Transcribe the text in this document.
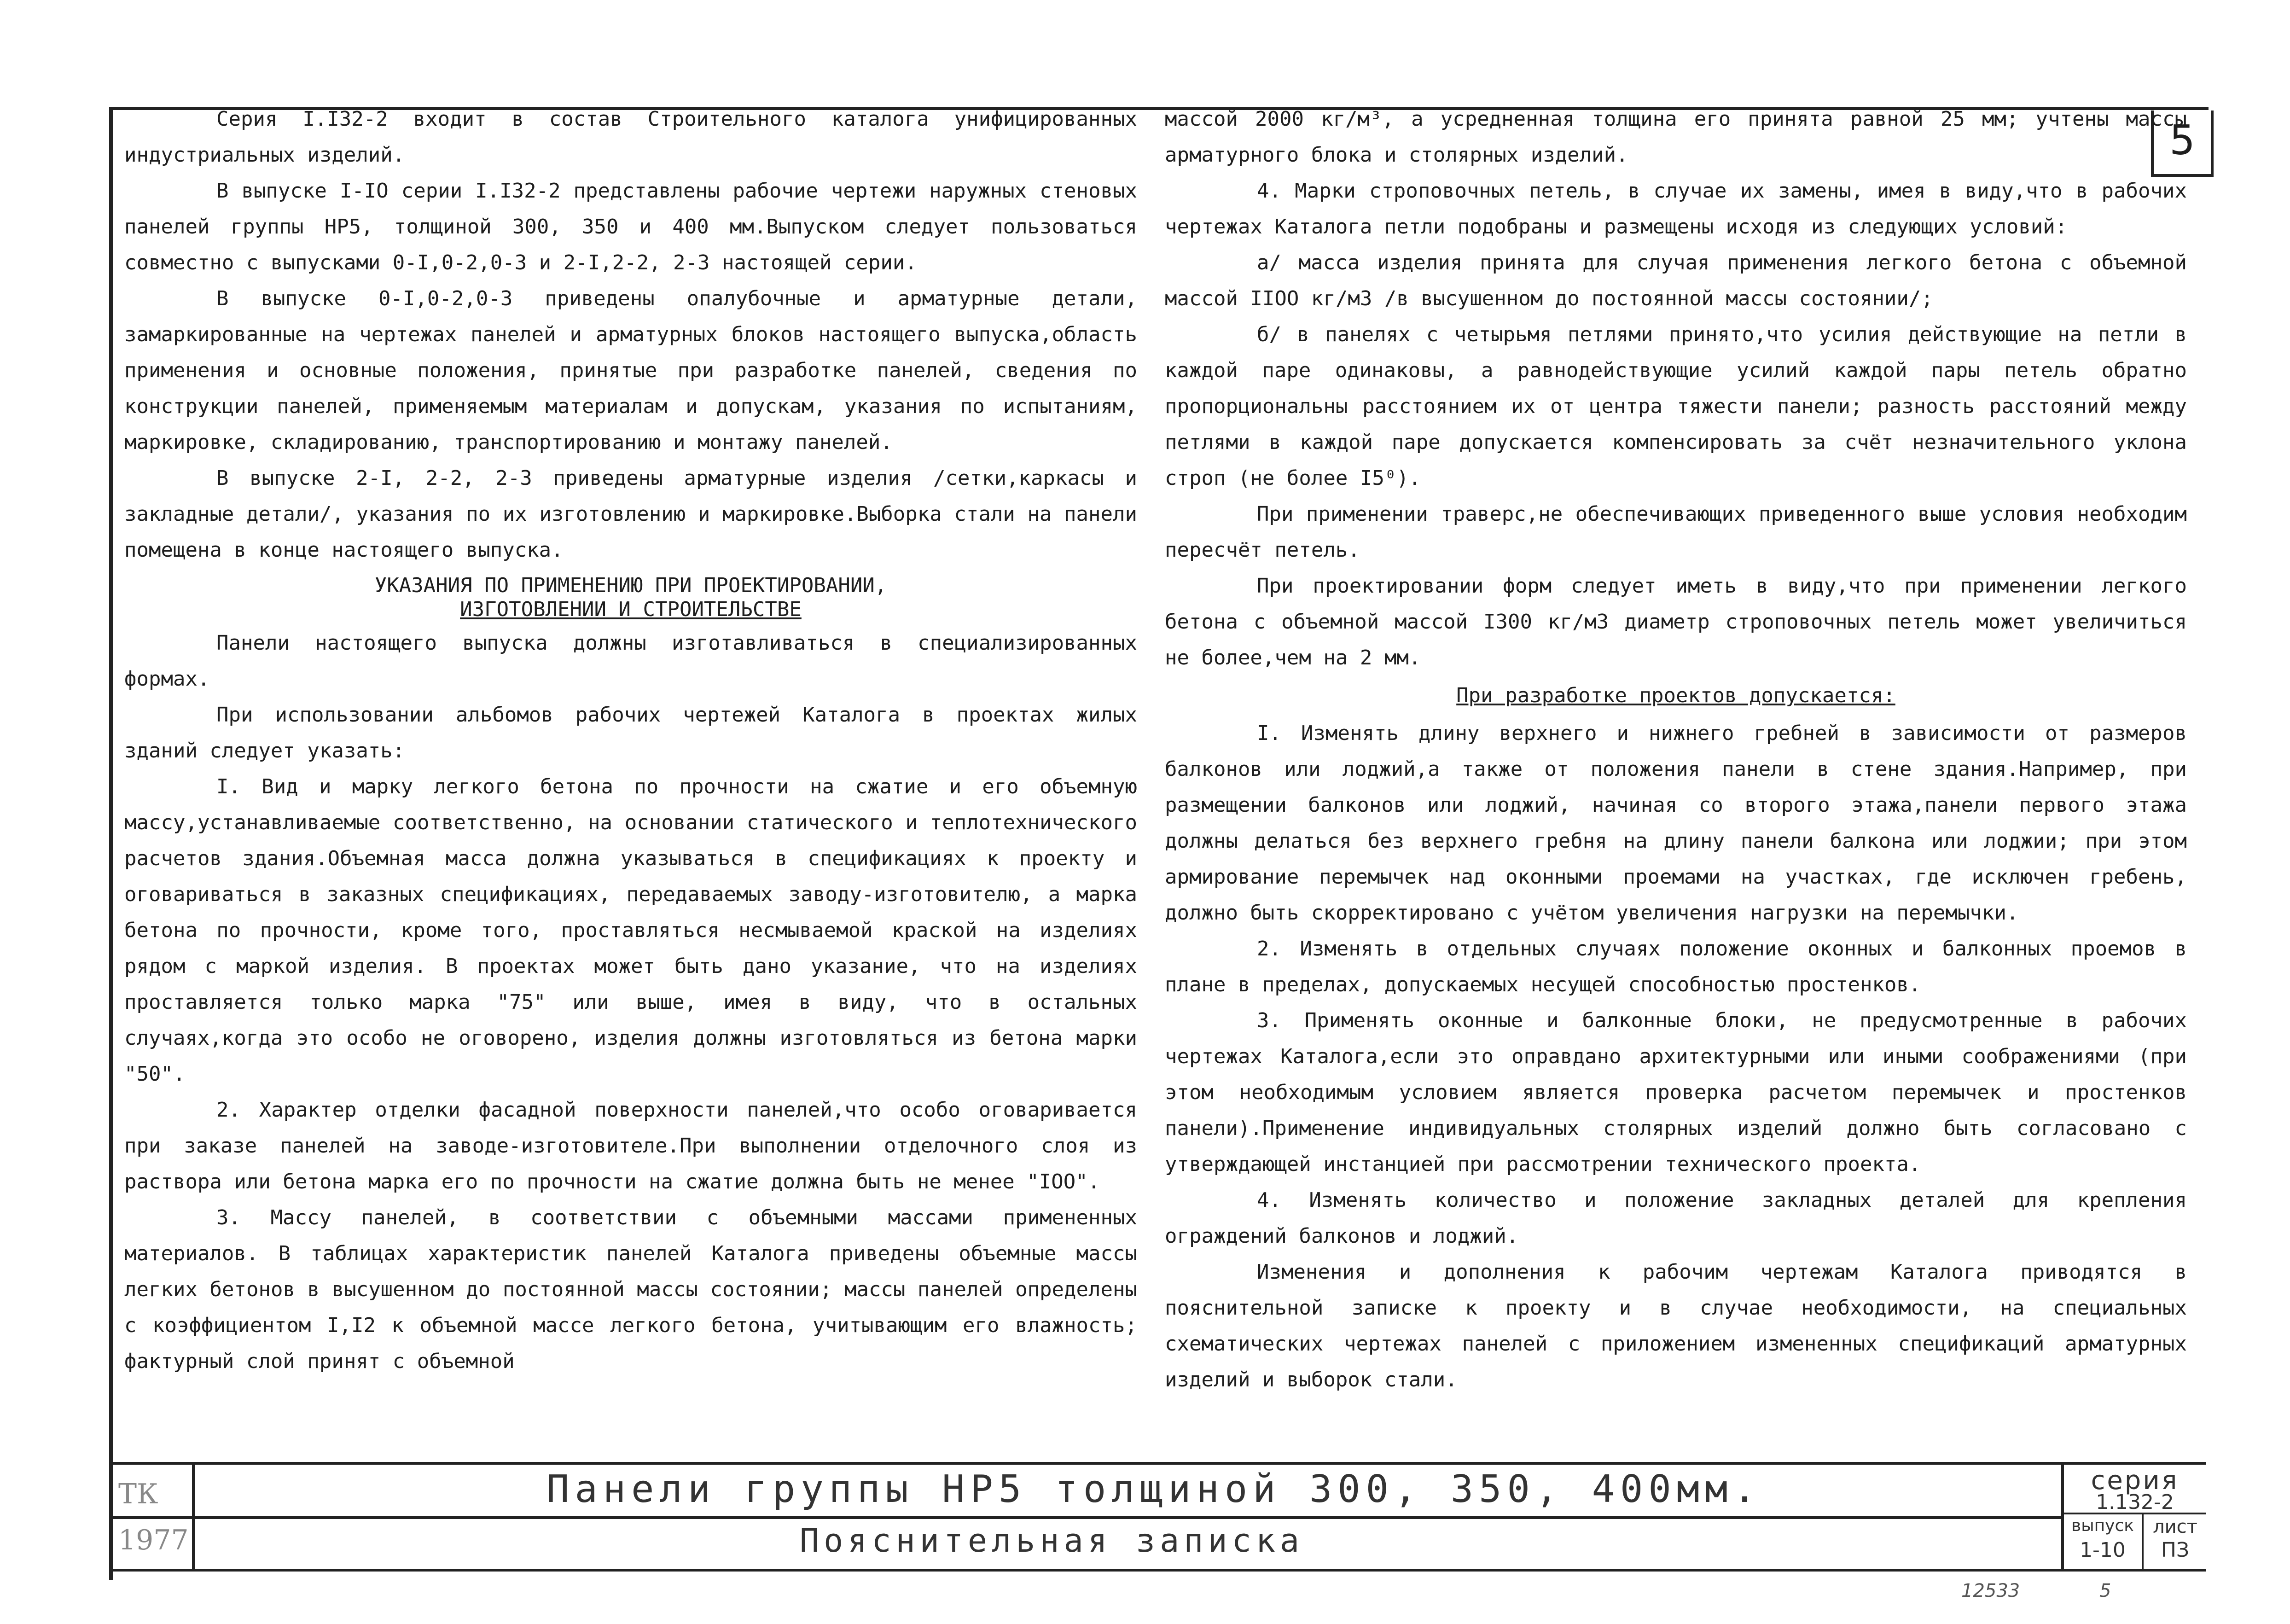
5

Серия I.I32-2 входит в состав Строительного каталога унифицированных индустриальных изделий.

В выпуске I-IO серии I.I32-2 представлены рабочие чертежи наружных стеновых панелей группы НР5, толщиной 300, 350 и 400 мм.Выпуском следует пользоваться совместно с выпусками 0-I,0-2,0-3 и 2-I,2-2, 2-3 настоящей серии.

В выпуске 0-I,0-2,0-3 приведены опалубочные и арматурные детали, замаркированные на чертежах панелей и арматурных блоков настоящего выпуска,область применения и основные положения, принятые при разработке панелей, сведения по конструкции панелей, применяемым материалам и допускам, указания по испытаниям, маркировке, складированию, транспортированию и монтажу панелей.

В выпуске 2-I, 2-2, 2-3 приведены арматурные изделия /сетки,каркасы и закладные детали/, указания по их изготовлению и маркировке.Выборка стали на панели помещена в конце настоящего выпуска.

УКАЗАНИЯ ПО ПРИМЕНЕНИЮ ПРИ ПРОЕКТИРОВАНИИ,
ИЗГОТОВЛЕНИИ И СТРОИТЕЛЬСТВЕ

Панели настоящего выпуска должны изготавливаться в специализированных формах.

При использовании альбомов рабочих чертежей Каталога в проектах жилых зданий следует указать:

I. Вид и марку легкого бетона по прочности на сжатие и его объемную массу,устанавливаемые соответственно, на основании статического и теплотехнического расчетов здания.Объемная масса должна указываться в спецификациях к проекту и оговариваться в заказных спецификациях, передаваемых заводу-изготовителю, а марка бетона по прочности, кроме того, проставляться несмываемой краской на изделиях рядом с маркой изделия. В проектах может быть дано указание, что на изделиях проставляется только марка "75" или выше, имея в виду, что в остальных случаях,когда это особо не оговорено, изделия должны изготовляться из бетона марки "50".

2. Характер отделки фасадной поверхности панелей,что особо оговаривается при заказе панелей на заводе-изготовителе.При выполнении отделочного слоя из раствора или бетона марка его по прочности на сжатие должна быть не менее "IOO".

3. Массу панелей, в соответствии с объемными массами примененных материалов. В таблицах характеристик панелей Каталога приведены объемные массы легких бетонов в высушенном до постоянной массы состоянии; массы панелей определены с коэффициентом I,I2 к объемной массе легкого бетона, учитывающим его влажность; фактурный слой принят с объемной

массой 2000 кг/м³, а усредненная толщина его принята равной 25 мм; учтены массы арматурного блока и столярных изделий.

4. Марки строповочных петель, в случае их замены, имея в виду,что в рабочих чертежах Каталога петли подобраны и размещены исходя из следующих условий:

а/ масса изделия принята для случая применения легкого бетона с объемной массой IIOO кг/м3 /в высушенном до постоянной массы состоянии/;

б/ в панелях с четырьмя петлями принято,что усилия действующие на петли в каждой паре одинаковы, а равнодействующие усилий каждой пары петель обратно пропорциональны расстоянием их от центра тяжести панели; разность расстояний между петлями в каждой паре допускается компенсировать за счёт незначительного уклона строп (не более I5⁰).

При применении траверс,не обеспечивающих приведенного выше условия необходим пересчёт петель.

При проектировании форм следует иметь в виду,что при применении легкого бетона с объемной массой I300 кг/м3 диаметр строповочных петель может увеличиться не более,чем на 2 мм.

При разработке проектов допускается:

I. Изменять длину верхнего и нижнего гребней в зависимости от размеров балконов или лоджий,а также от положения панели в стене здания.Например, при размещении балконов или лоджий, начиная со второго этажа,панели первого этажа должны делаться без верхнего гребня на длину панели балкона или лоджии; при этом армирование перемычек над оконными проемами на участках, где исключен гребень, должно быть скорректировано с учётом увеличения нагрузки на перемычки.

2. Изменять в отдельных случаях положение оконных и балконных проемов в плане в пределах, допускаемых несущей способностью простенков.

3. Применять оконные и балконные блоки, не предусмотренные в рабочих чертежах Каталога,если это оправдано архитектурными или иными соображениями (при этом необходимым условием является проверка расчетом перемычек и простенков панели).Применение индивидуальных столярных изделий должно быть согласовано с утверждающей инстанцией при рассмотрении технического проекта.

4. Изменять количество и положение закладных деталей для крепления ограждений балконов и лоджий.

Изменения и дополнения к рабочим чертежам Каталога приводятся в пояснительной записке к проекту и в случае необходимости, на специальных схематических чертежах панелей с приложением измененных спецификаций арматурных изделий и выборок стали.

ТК 1977
Панели группы НР5 толщиной 300, 350, 400мм.
Пояснительная записка
серия
1.132-2
выпуск
1-10
лист
ПЗ
12533	5
